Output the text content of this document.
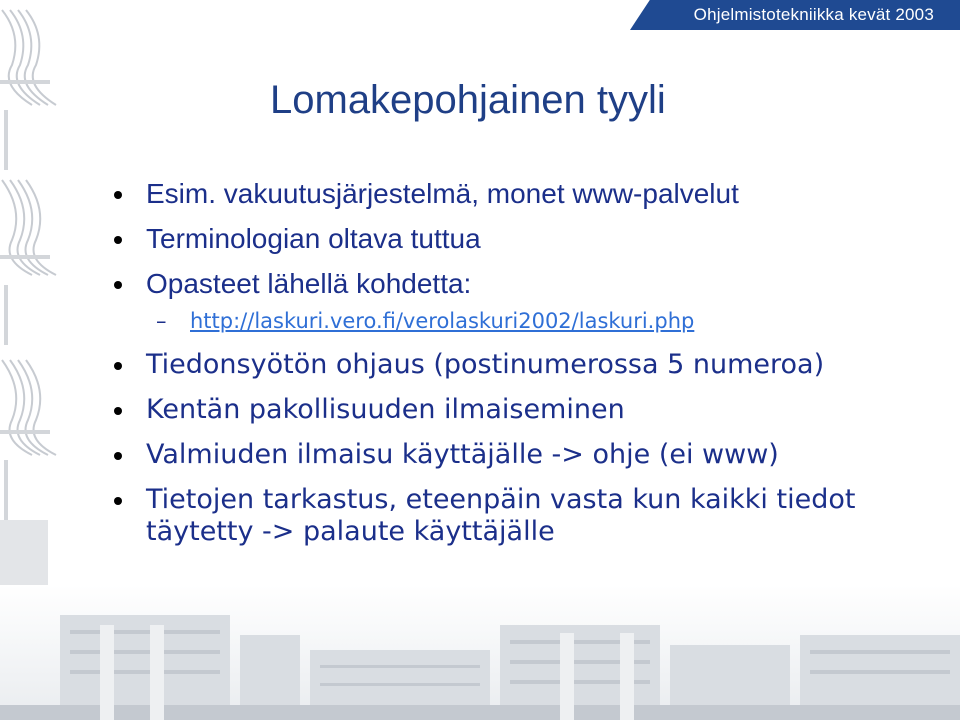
Ohjelmistotekniikka kevät 2003
Lomakepohjainen tyyli
Esim. vakuutusjärjestelmä, monet www-palvelut
Terminologian oltava tuttua
Opasteet lähellä kohdetta:
– http://laskuri.vero.fi/verolaskuri2002/laskuri.php
Tiedonsyötön ohjaus (postinumerossa 5 numeroa)
Kentän pakollisuuden ilmaiseminen
Valmiuden ilmaisu käyttäjälle -> ohje (ei www)
Tietojen tarkastus, eteenpäin vasta kun kaikki tiedot täytetty -> palaute käyttäjälle
